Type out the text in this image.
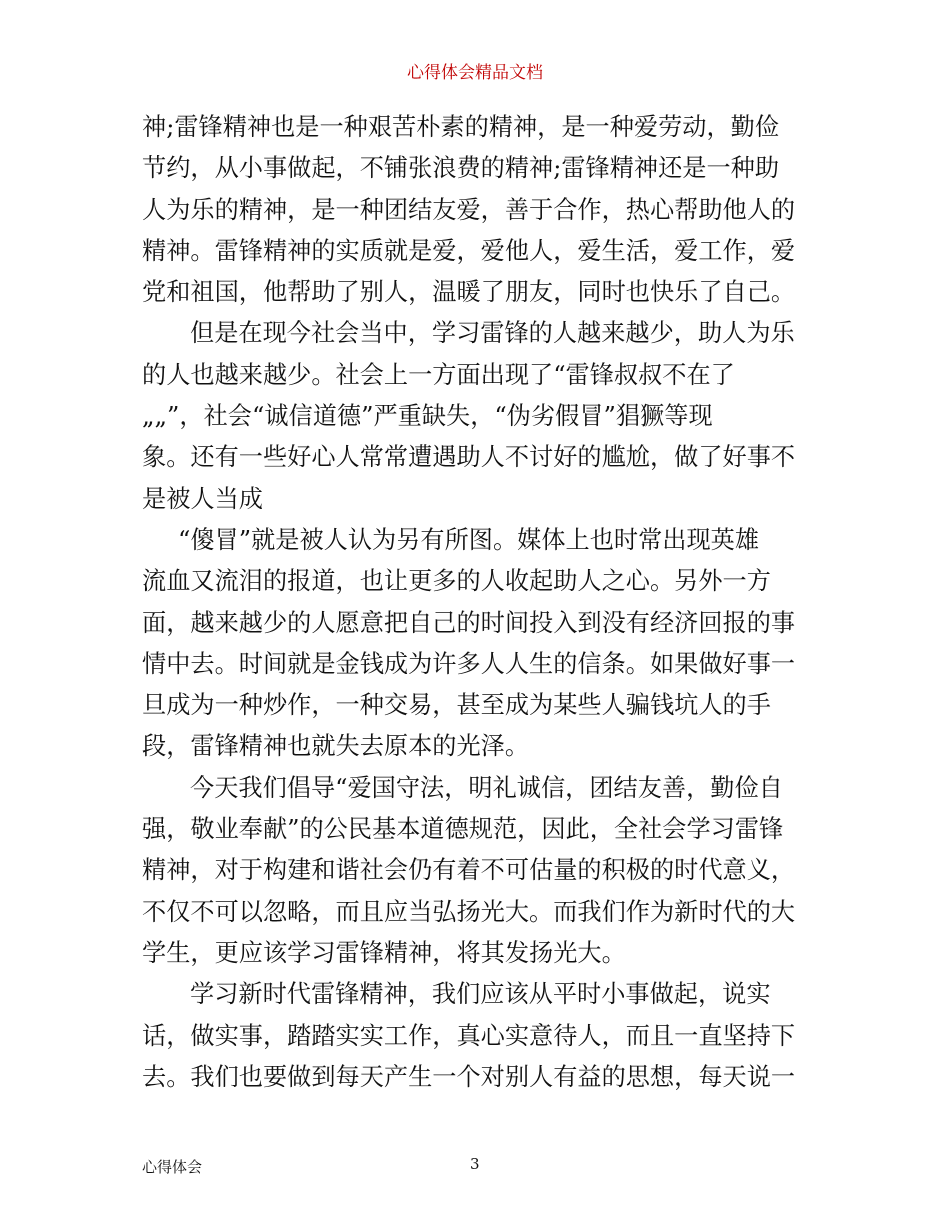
心得体会精品文档
神;雷锋精神也是一种艰苦朴素的精神，是一种爱劳动，勤俭
节约，从小事做起，不铺张浪费的精神;雷锋精神还是一种助
人为乐的精神，是一种团结友爱，善于合作，热心帮助他人的
精神。雷锋精神的实质就是爱，爱他人，爱生活，爱工作，爱
党和祖国，他帮助了别人，温暖了朋友，同时也快乐了自己。
但是在现今社会当中，学习雷锋的人越来越少，助人为乐
的人也越来越少。社会上一方面出现了“雷锋叔叔不在了
„„”，社会“诚信道德”严重缺失，“伪劣假冒”猖獗等现
象。还有一些好心人常常遭遇助人不讨好的尴尬，做了好事不
是被人当成
“傻冒”就是被人认为另有所图。媒体上也时常出现英雄
流血又流泪的报道，也让更多的人收起助人之心。另外一方
面，越来越少的人愿意把自己的时间投入到没有经济回报的事
情中去。时间就是金钱成为许多人人生的信条。如果做好事一
旦成为一种炒作，一种交易，甚至成为某些人骗钱坑人的手
段，雷锋精神也就失去原本的光泽。
今天我们倡导“爱国守法，明礼诚信，团结友善，勤俭自
强，敬业奉献”的公民基本道德规范，因此，全社会学习雷锋
精神，对于构建和谐社会仍有着不可估量的积极的时代意义，
不仅不可以忽略，而且应当弘扬光大。而我们作为新时代的大
学生，更应该学习雷锋精神，将其发扬光大。
学习新时代雷锋精神，我们应该从平时小事做起，说实
话，做实事，踏踏实实工作，真心实意待人，而且一直坚持下
去。我们也要做到每天产生一个对别人有益的思想，每天说一
心得体会	3
